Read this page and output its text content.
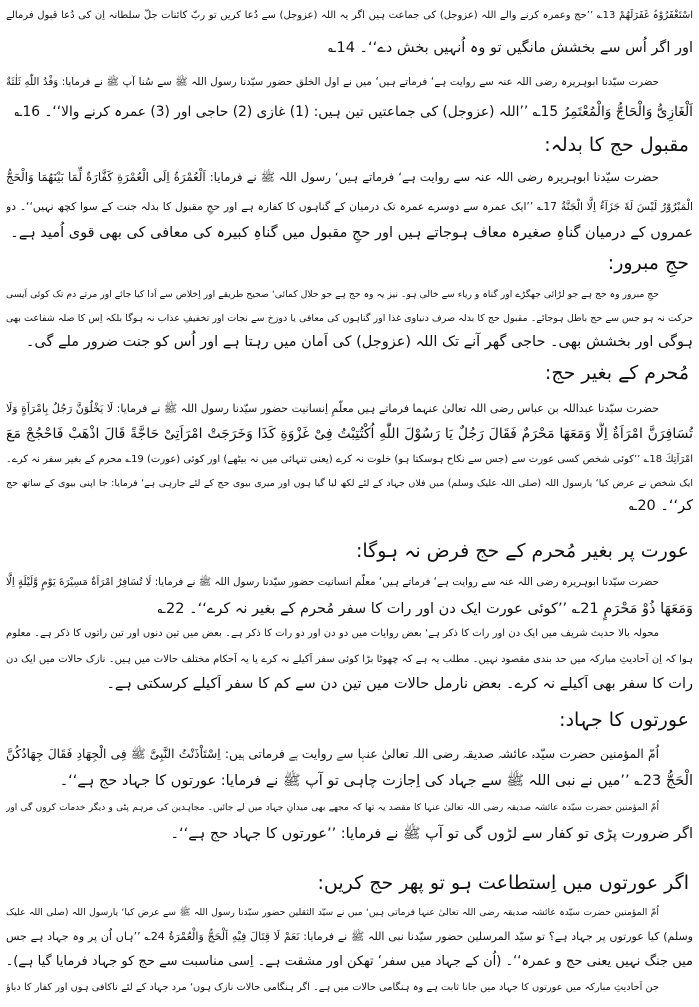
اسْتَغْفَرُوْہُ غَفَرَلَهُمْ 13؎ ’’حج وعمرہ کرنے والے اللہ (عزوجل) کی جماعت ہیں اگر یہ اللہ (عزوجل) سے دُعا کریں تو ربّ کائنات جلّ سلطانہ اِن کی دُعا قبول فرمالے
اور اگر اُس سے بخشش مانگیں تو وہ اُنہیں بخش دے‘‘۔ 14؎
حضرت سیّدنا ابوہریرہ رضی اللہ عنہ سے روایت ہے‘ فرماتے ہیں‘ میں نے اول الخلق حضور سیّدنا رسول اللہ ﷺ سے سُنا آپ ﷺ نے فرمایا: وَفْدُ اللّٰهِ ثَلٰثَةٌ
اَلْغَازِیُّ وَالْحَاجُّ وَالْمُعْتَمِرُ 15؎ ’’اللہ (عزوجل) کی جماعتیں تین ہیں: (1) غازی (2) حاجی اور (3) عمرہ کرنے والا‘‘۔ 16؎
مقبول حج کا بدلہ:
حضرت سیّدنا ابوہریرہ رضی اللہ عنہ سے روایت ہے‘ فرماتے ہیں‘ رسول اللہ ﷺ نے فرمایا: اَلْعُمْرَةُ اِلَی الْعُمْرَةِ كَفَّارَةٌ لِّمَا بَيْنَهُمَا وَالْحَجُّ
الْمَبْرُوْرُ لَيْسَ لَهٗ جَزَآءٌ اِلَّا الْجَنَّةُ 17؎ ’’ایک عمرہ سے دوسرے عمرہ تک درمیان کے گناہوں کا کفارہ ہے اور حجِ مقبول کا بدلہ جنت کے سوا کچھ نہیں‘‘۔ دو
عمروں کے درمیان گناہِ صغیرہ معاف ہوجاتے ہیں اور حجِ مقبول میں گناہِ کبیرہ کی معافی کی بھی قوی اُمید ہے۔
حجِ مبرور:
حجِ مبرور وہ حج ہے جو لڑائی جھگڑے اور گناہ و ریاء سے خالی ہو۔ نیز یہ وہ حج ہے جو حلال کمائی‘ صحیح طریقے اور اِخلاص سے اَدا کیا جائے اور مرتے دم تک کوئی اَیسی
حرکت نہ ہو جس سے حج باطل ہوجائے۔ مقبول حج کا بدلہ صرف دنیاوی غذا اور گناہوں کی معافی یا دوزخ سے نجات اور تخفیفِ عذاب نہ ہوگا بلکہ اِس کا صلہ شفاعت بھی
ہوگی اور بخشش بھی۔ حاجی گھر آنے تک اللہ (عزوجل) کی اَمان میں رہتا ہے اور اُس کو جنت ضرور ملے گی۔
مُحرم کے بغیر حج:
حضرت سیّدنا عبداللہ بن عباس رضی اللہ تعالیٰ عنہما فرماتے ہیں معلّمِ اِنسانیت حضور سیّدنا رسول اللہ ﷺ نے فرمایا: لَا يَخْلُوَنَّ رَجُلٌ بِامْرَاَةٍ وَلَا
تُسَافِرَنَّ امْرَاَةٌ اِلَّا وَمَعَهَا مَحْرَمٌ فَقَالَ رَجُلٌ يَا رَسُوْلَ اللّٰهِ اُكْتُتِبْتُ فِیْ غَزْوَةِ كَذَا وَخَرَجَتْ امْرَاَتِیْ حَاجَّةً قَالَ اذْهَبْ فَاحْجُجْ مَعَ
امْرَاَتِكَ 18؎ ’’کوئی شخص کسی عورت سے (جس سے نکاح ہوسکتا ہو) خلوت نہ کرے (یعنی تنہائی میں نہ بیٹھے) اور کوئی (عورت) 19؎ محرم کے بغیر سفر نہ کرے۔
ایک شخص نے عرض کیا‘ یارسول اللہ (صلی اللہ علیک وسلم) میں فلاں جہاد کے لئے لکھ لیا گیا ہوں اور میری بیوی حج کے لئے جارہی ہے‘ فرمایا: جا اپنی بیوی کے ساتھ حج
کر‘‘۔ 20؎
عورت پر بغیر مُحرم کے حج فرض نہ ہوگا:
حضرت سیّدنا ابوہریرہ رضی اللہ عنہ سے روایت ہے‘ فرماتے ہیں‘ معلّم انسانیت حضور سیّدنا رسول اللہ ﷺ نے فرمایا: لَا تُسَافِرُ امْرَاَةٌ مَسِيْرَةَ يَوْمٍ وَّلَيْلَةٍ اِلَّا
وَمَعَهَا ذُوْ مَحْرَمٍ 21؎ ’’کوئی عورت ایک دن اور رات کا سفر مُحرم کے بغیر نہ کرے‘‘۔ 22؎
محولہ بالا حدیث شریف میں ایک دن اور رات کا ذکر ہے‘ بعض روایات میں دو دن اور دو رات کا ذکر ہے۔ بعض میں تین دنوں اور تین راتوں کا ذکر ہے۔ معلوم
ہوا کہ اِن اَحادیثِ مبارکہ میں حد بندی مقصود نہیں۔ مطلب یہ ہے کہ چھوٹا بڑا کوئی سفر اَکیلے نہ کرے یا یہ اَحکام مختلف حالات میں ہیں۔ نازک حالات میں ایک دن
رات کا سفر بھی اَکیلے نہ کرے۔ بعض نارمل حالات میں تین دن سے کم کا سفر اَکیلے کرسکتی ہے۔
عورتوں کا جہاد:
اُمّ المؤمنین حضرت سیّدہ عائشہ صدیقہ رضی اللہ تعالیٰ عنہا سے روایت ہے فرماتی ہیں: اِسْتَاْذَنْتُ النَّبِیَّ ﷺ فِی الْجِهَادِ فَقَالَ جِهَادُكُنَّ
الْحَجُّ 23؎ ’’میں نے نبی اللہ ﷺ سے جہاد کی اِجازت چاہی تو آپ ﷺ نے فرمایا: عورتوں کا جہاد حج ہے‘‘۔
اُمّ المؤمنین حضرت سیّدہ عائشہ صدیقہ رضی اللہ تعالیٰ عنہا کا مقصد یہ تھا کہ مجھے بھی میدانِ جہاد میں لے جائیں۔ مجاہدین کی مرہم پٹی و دیگر خدمات کروں گی اور
اگر ضرورت پڑی تو کفار سے لڑوں گی تو آپ ﷺ نے فرمایا: ’’عورتوں کا جہاد حج ہے‘‘۔
اگر عورتوں میں اِستطاعت ہو تو پھر حج کریں:
اُمّ المؤمنین حضرت سیّدہ عائشہ صدیقہ رضی اللہ تعالیٰ عنہا فرماتی ہیں‘ میں نے سیّد الثقلین حضور سیّدنا رسول اللہ ﷺ سے عرض کیا‘ یارسول اللہ (صلی اللہ علیک
وسلم) کیا عورتوں پر جہاد ہے؟ تو سیّد المرسلین حضور سیّدنا نبی اللہ ﷺ نے فرمایا: نَعَمْ لَا قِتَالَ فِيْهِ اَلْحَجُّ وَالْعُمْرَةُ 24؎ ’’ہاں اُن پر وہ جہاد ہے جس
میں جنگ نہیں یعنی حج و عمرہ‘‘۔ (اُن کے جہاد میں سفر‘ تھکن اور مشقت ہے۔ اِسی مناسبت سے حج کو جہاد فرمایا گیا ہے)۔
جن اَحادیثِ مبارکہ میں عورتوں کا جہاد میں جانا ثابت ہے وہ ہنگامی حالات میں ہے۔ اگر ہنگامی حالات نازک ہوں‘ مرد جہاد کے لئے ناکافی ہوں اور کفار کا دباؤ
